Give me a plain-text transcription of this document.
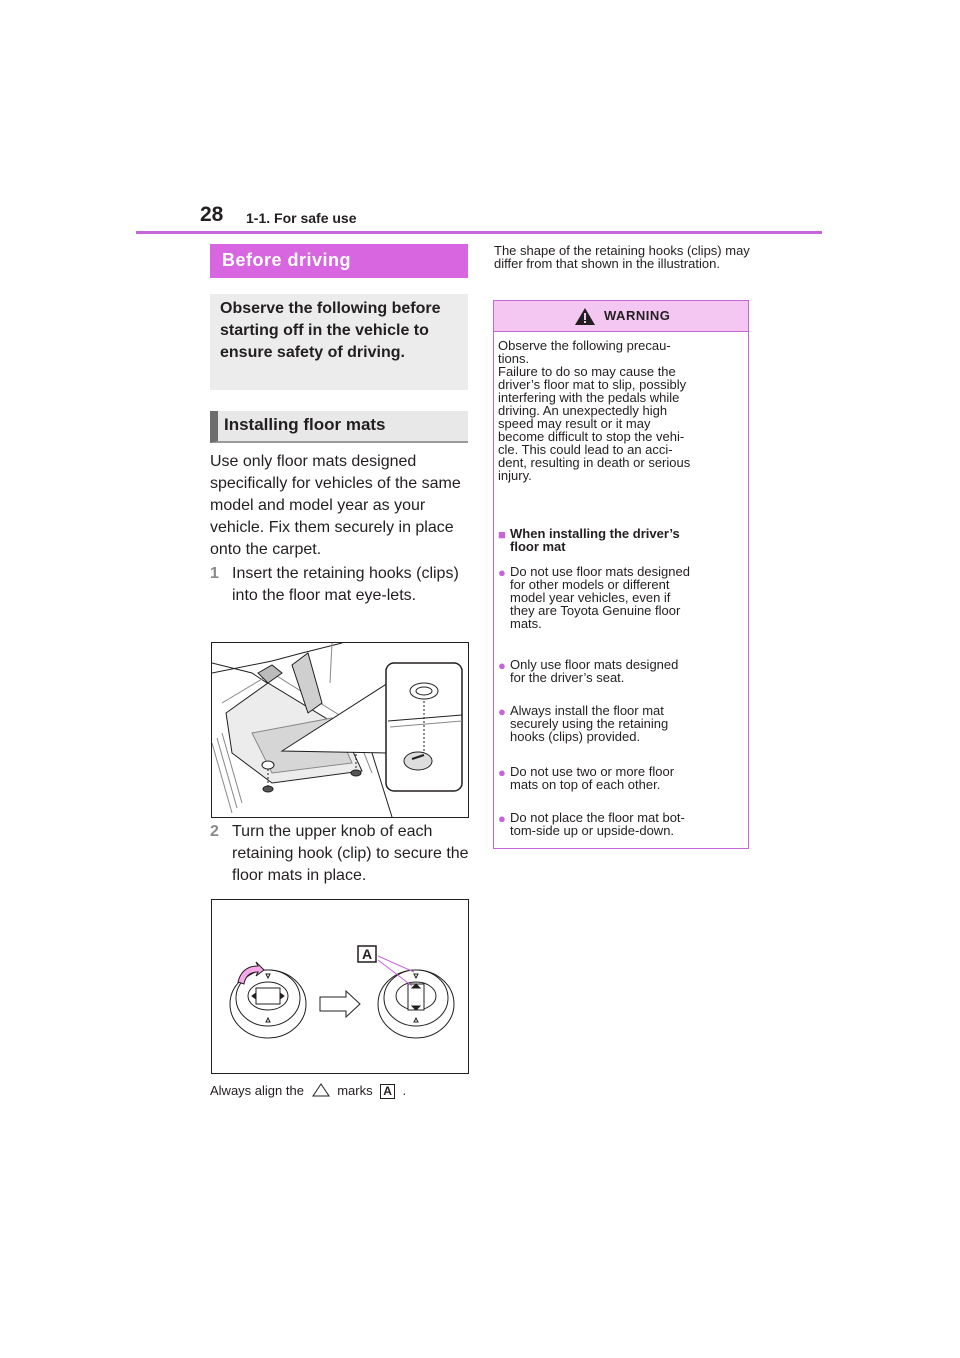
28 1-1. For safe use
Before driving

Observe the following before starting off in the vehicle to ensure safety of driving.

Installing floor mats
Use only floor mats designed specifically for vehicles of the same model and model year as your vehicle. Fix them securely in place onto the carpet.
1 Insert the retaining hooks (clips) into the floor mat eye-lets.
2 Turn the upper knob of each retaining hook (clip) to secure the floor mats in place.
A
Always align the	marks A .
The shape of the retaining hooks (clips) may differ from that shown in the illustration.
WARNING
Observe the following precau-
tions.
Failure to do so may cause the
driver’s floor mat to slip, possibly
interfering with the pedals while
driving. An unexpectedly high
speed may result or it may
become difficult to stop the vehi-
cle. This could lead to an acci-
dent, resulting in death or serious
injury.
■ When installing the driver’s
floor mat
● Do not use floor mats designed
for other models or different
model year vehicles, even if
they are Toyota Genuine floor
mats.
● Only use floor mats designed
for the driver’s seat.
● Always install the floor mat
securely using the retaining
hooks (clips) provided.
● Do not use two or more floor
mats on top of each other.
● Do not place the floor mat bot-
tom-side up or upside-down.
